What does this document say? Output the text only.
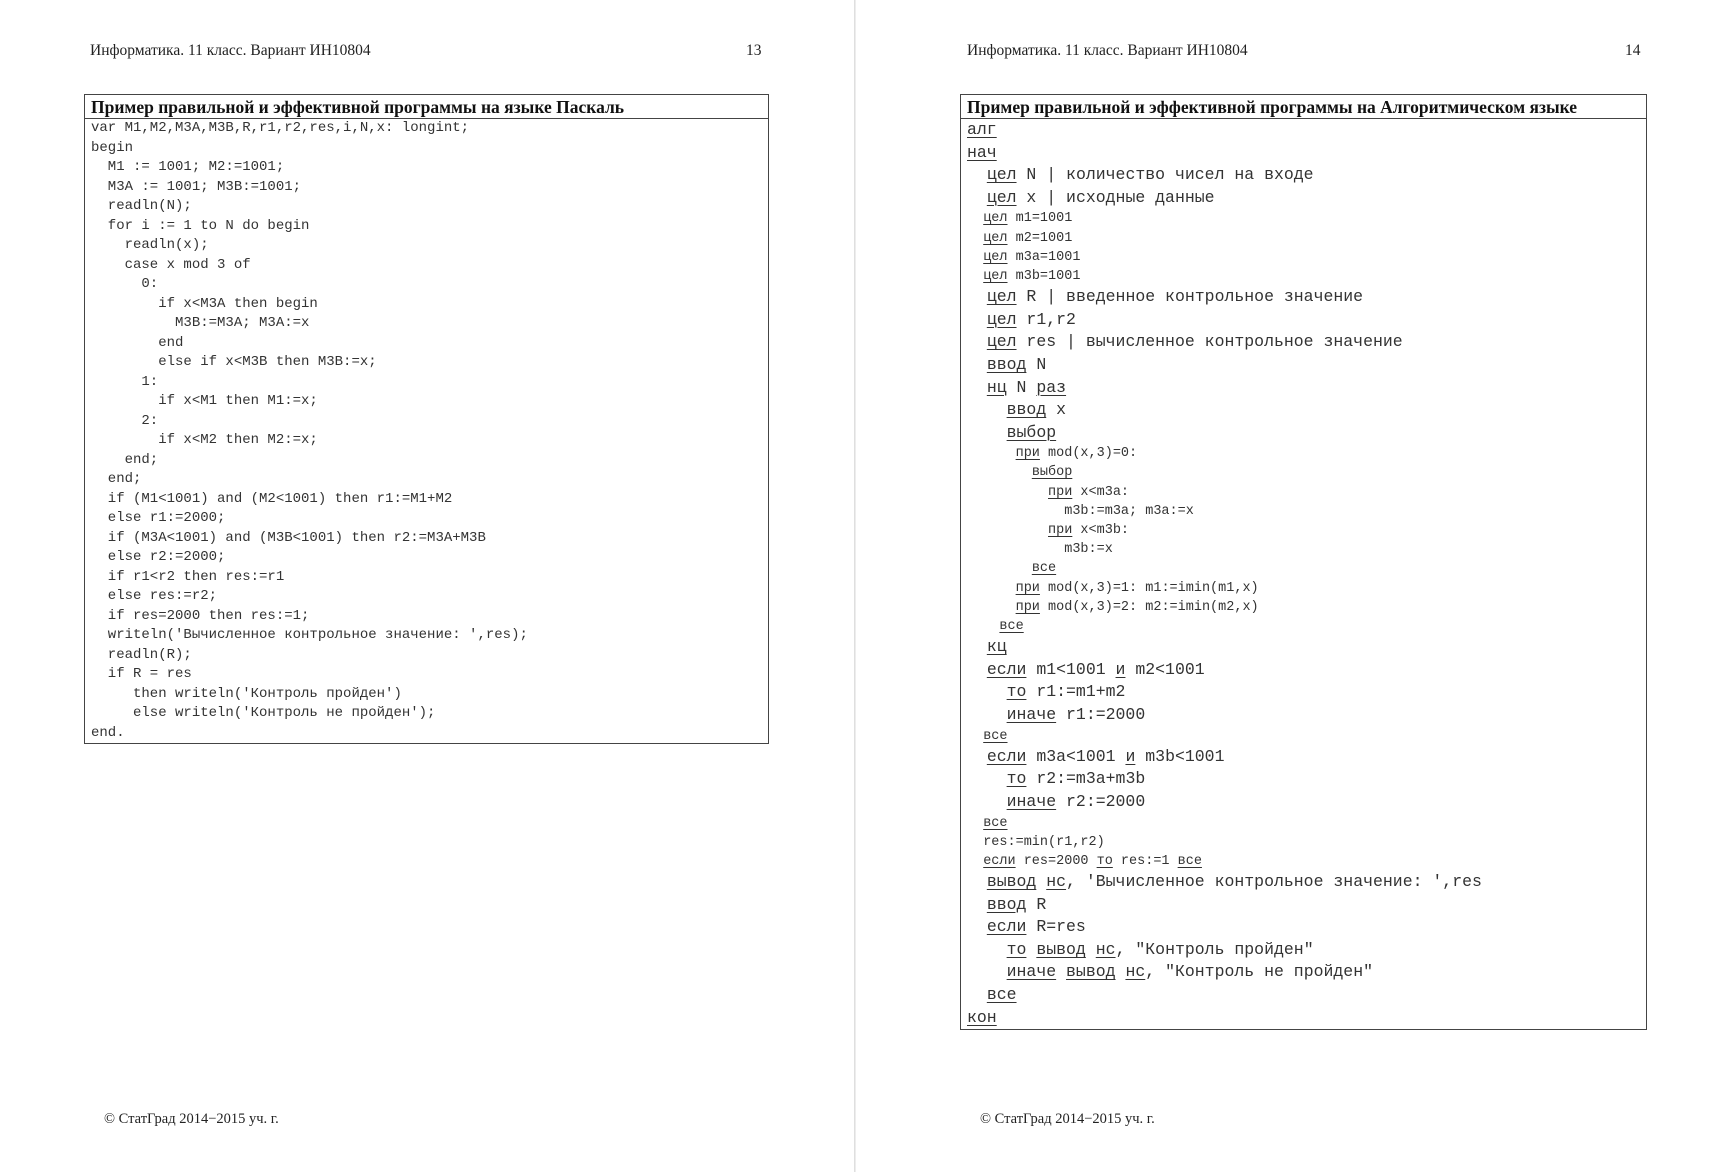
Информатика. 11 класс. Вариант ИН10804	13
Пример правильной и эффективной программы на языке Паскаль
var M1,M2,M3A,M3B,R,r1,r2,res,i,N,x: longint;
begin
M1 := 1001; M2:=1001;
M3A := 1001; M3B:=1001;
readln(N);
for i := 1 to N do begin
readln(x);
case x mod 3 of
0:
if x<M3A then begin
M3B:=M3A; M3A:=x
end
else if x<M3B then M3B:=x;
1:
if x<M1 then M1:=x;
2:
if x<M2 then M2:=x;
end;
end;
if (M1<1001) and (M2<1001) then r1:=M1+M2
else r1:=2000;
if (M3A<1001) and (M3B<1001) then r2:=M3A+M3B
else r2:=2000;
if r1<r2 then res:=r1
else res:=r2;
if res=2000 then res:=1;
writeln('Вычисленное контрольное значение: ',res);
readln(R);
if R = res
then writeln('Контроль пройден')
else writeln('Контроль не пройден');
end.
© СтатГрад 2014−2015 уч. г.
Информатика. 11 класс. Вариант ИН10804	14
Пример правильной и эффективной программы на Алгоритмическом языке
алг
нач
цел N | количество чисел на входе
цел x | исходные данные
цел m1=1001
цел m2=1001
цел m3a=1001
цел m3b=1001
цел R | введенное контрольное значение
цел r1,r2
цел res | вычисленное контрольное значение
ввод N
нц N раз
ввод x
выбор
при mod(x,3)=0:
выбор
при x<m3a:
m3b:=m3a; m3a:=x
при x<m3b:
m3b:=x
все
при mod(x,3)=1: m1:=imin(m1,x)
при mod(x,3)=2: m2:=imin(m2,x)
все
кц
если m1<1001 и m2<1001
то r1:=m1+m2
иначе r1:=2000
все
если m3a<1001 и m3b<1001
то r2:=m3a+m3b
иначе r2:=2000
все
res:=min(r1,r2)
если res=2000 то res:=1 все
вывод нс, 'Вычисленное контрольное значение: ',res
ввод R
если R=res
то вывод нс, "Контроль пройден"
иначе вывод нс, "Контроль не пройден"
все
кон
© СтатГрад 2014−2015 уч. г.
